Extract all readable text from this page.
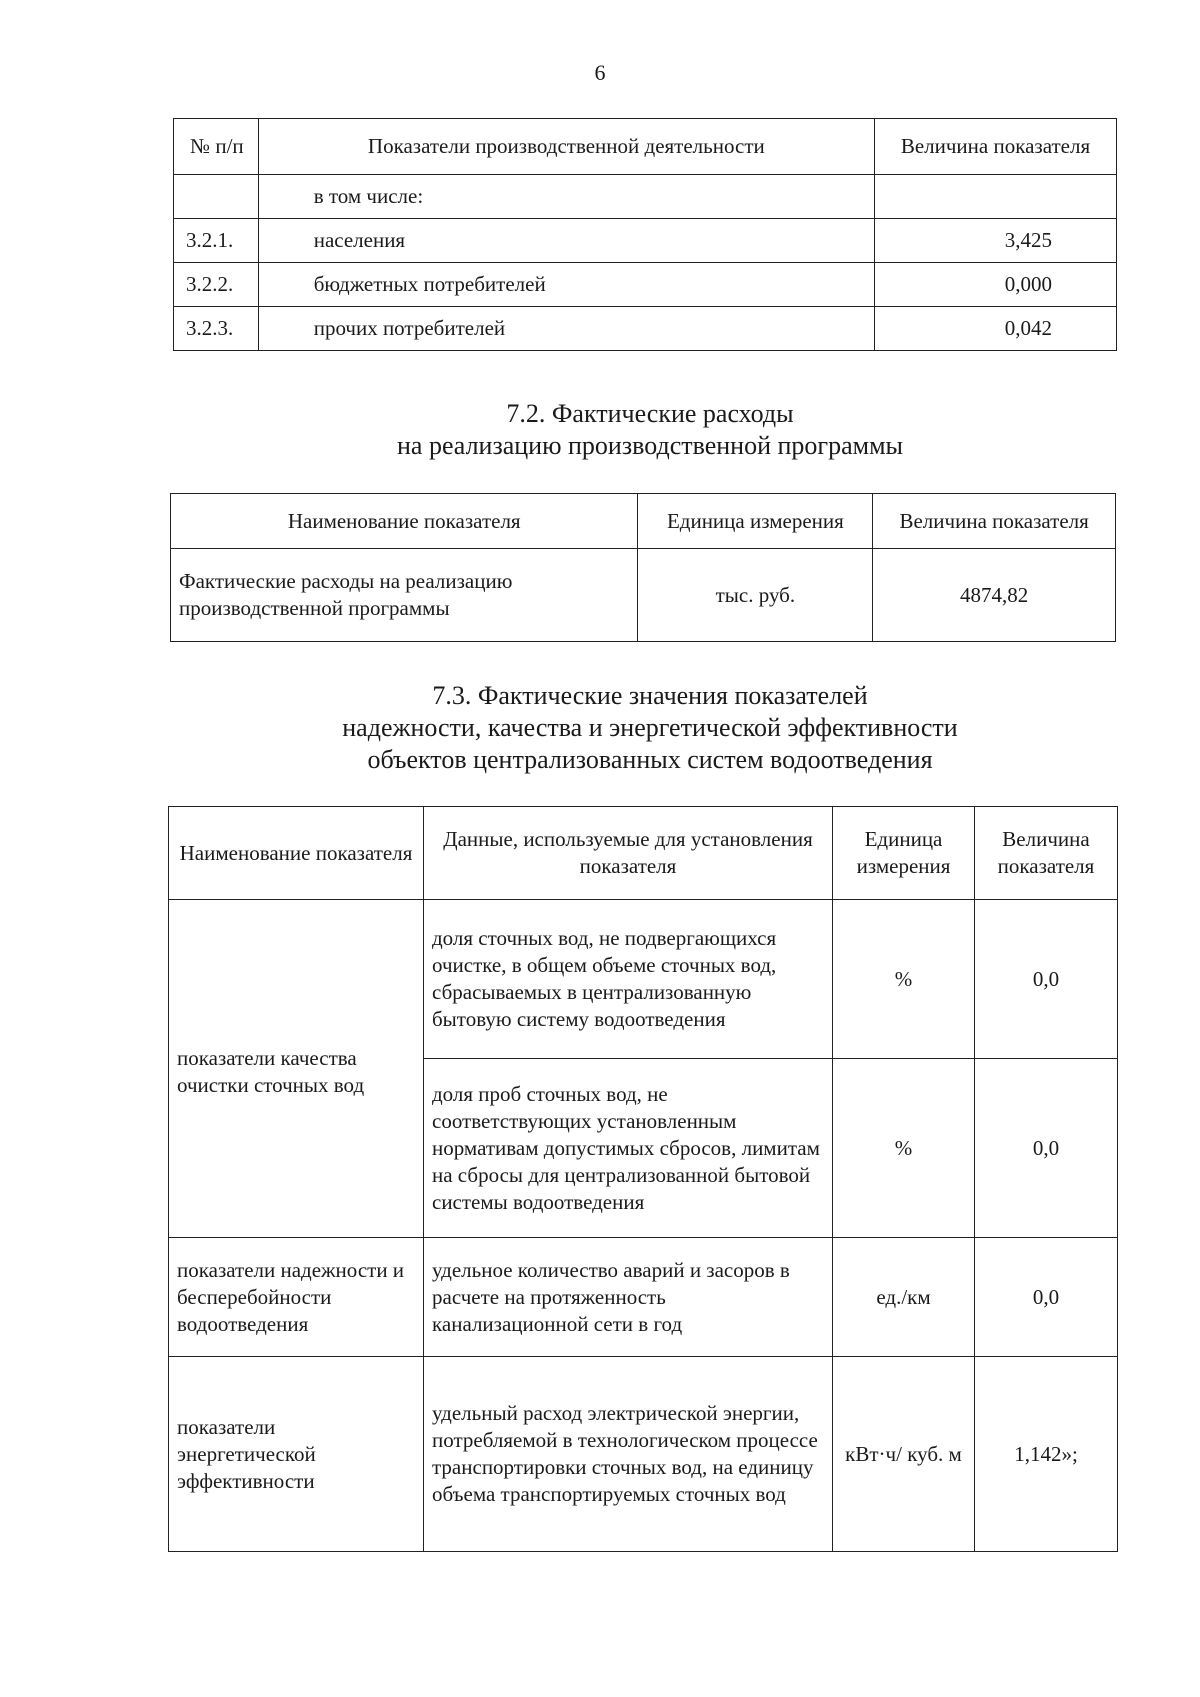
6
№ п/п	Показатели производственной деятельности	Величина показателя
	в том числе:	
3.2.1.	населения	3,425
3.2.2.	бюджетных потребителей	0,000
3.2.3.	прочих потребителей	0,042
7.2. Фактические расходы
на реализацию производственной программы
Наименование показателя	Единица измерения	Величина показателя
Фактические расходы на реализацию производственной программы	тыс. руб.	4874,82
7.3. Фактические значения показателей
надежности, качества и энергетической эффективности
объектов централизованных систем водоотведения
Наименование показателя	Данные, используемые для установления показателя	Единица измерения	Величина показателя
показатели качества очистки сточных вод	доля сточных вод, не подвергающихся очистке, в общем объеме сточных вод, сбрасываемых в централизованную бытовую систему водоотведения	%	0,0
	доля проб сточных вод, не соответствующих установленным нормативам допустимых сбросов, лимитам на сбросы для централизованной бытовой системы водоотведения	%	0,0
показатели надежности и бесперебойности водоотведения	удельное количество аварий и засоров в расчете на протяженность канализационной сети в год	ед./км	0,0
показатели энергетической эффективности	удельный расход электрической энергии, потребляемой в технологическом процессе транспортировки сточных вод, на единицу объема транспортируемых сточных вод	кВт·ч/ куб. м	1,142»;
